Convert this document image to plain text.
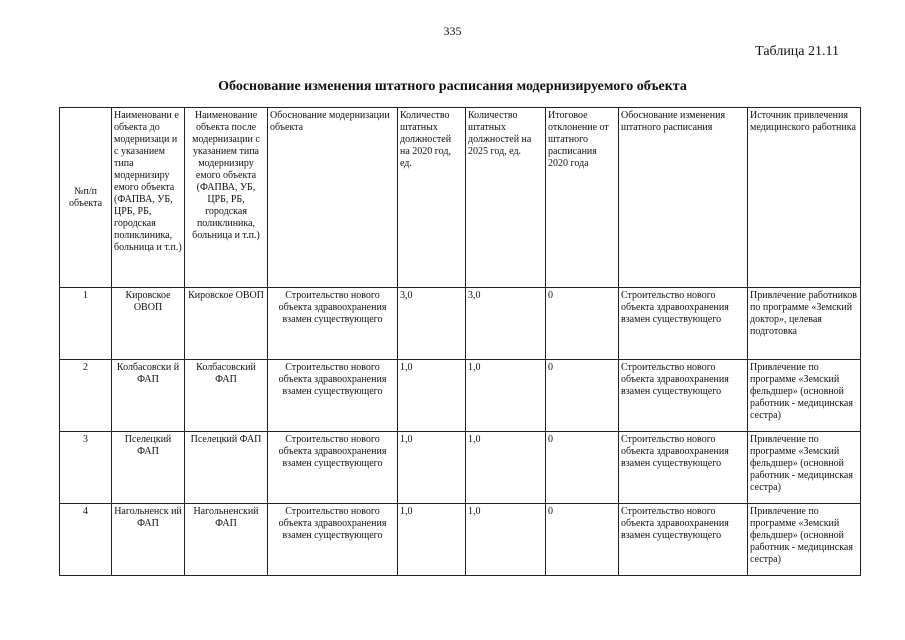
335
Таблица 21.11
Обоснование изменения штатного расписания модернизируемого объекта
№п/п объекта	Наименовани е объекта до модернизаци и с указанием типа модернизиру емого объекта (ФАПВА, УБ, ЦРБ, РБ, городская поликлиника, больница и т.п.)	Наименование объекта после модернизации с указанием типа модернизиру емого объекта (ФАПВА, УБ, ЦРБ, РБ, городская поликлиника, больница и т.п.)	Обоснование модернизации объекта	Количество штатных должностей на 2020 год, ед.	Количество штатных должностей на 2025 год, ед.	Итоговое отклонение от штатного расписания 2020 года	Обоснование изменения штатного расписания	Источник привлечения медицинского работника
1	Кировское ОВОП	Кировское ОВОП	Строительство нового объекта здравоохранения взамен существующего	3,0	3,0	0	Строительство нового объекта здравоохранения взамен существующего	Привлечение работников по программе «Земский доктор», целевая подготовка
2	Колбасовски й ФАП	Колбасовский ФАП	Строительство нового объекта здравоохранения взамен существующего	1,0	1,0	0	Строительство нового объекта здравоохранения взамен существующего	Привлечение по программе «Земский фельдшер» (основной работник - медицинская сестра)
3	Пселецкий ФАП	Пселецкий ФАП	Строительство нового объекта здравоохранения взамен существующего	1,0	1,0	0	Строительство нового объекта здравоохранения взамен существующего	Привлечение по программе «Земский фельдшер» (основной работник - медицинская сестра)
4	Нагольненск ий ФАП	Нагольненский ФАП	Строительство нового объекта здравоохранения взамен существующего	1,0	1,0	0	Строительство нового объекта здравоохранения взамен существующего	Привлечение по программе «Земский фельдшер» (основной работник - медицинская сестра)
